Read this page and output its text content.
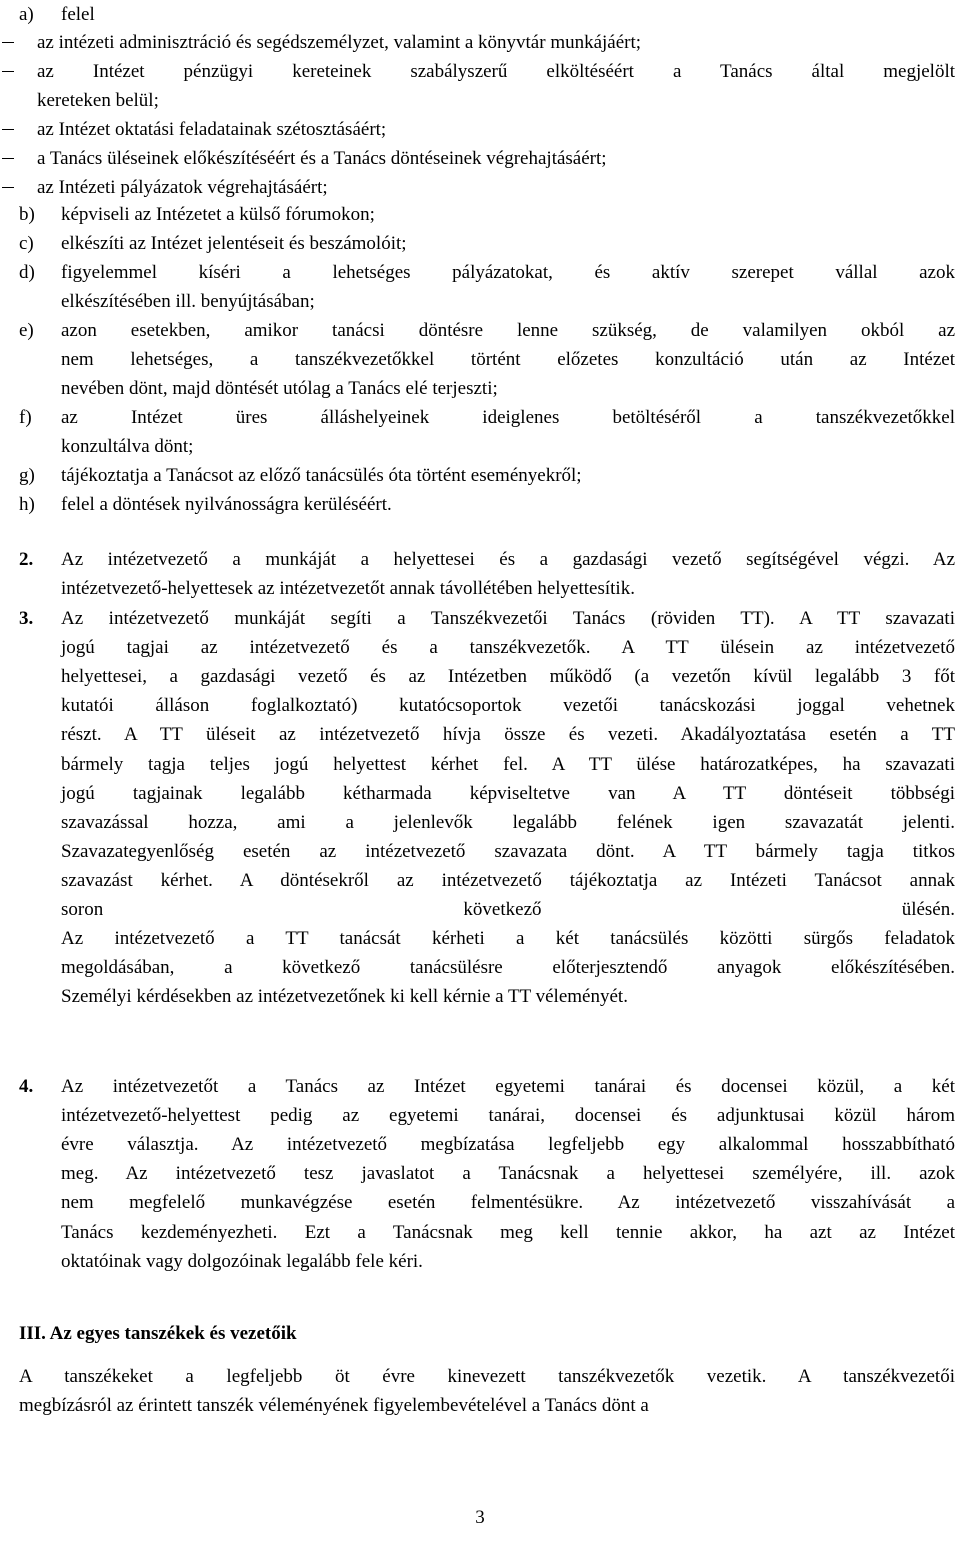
a) felel
az intézeti adminisztráció és segédszemélyzet, valamint a könyvtár munkájáért;
az Intézet pénzügyi kereteinek szabályszerű elköltéséért a Tanács által megjelölt
kereteken belül;
az Intézet oktatási feladatainak szétosztásáért;
a Tanács üléseinek előkészítéséért és a Tanács döntéseinek végrehajtásáért;
az Intézeti pályázatok végrehajtásáért;
b) képviseli az Intézetet a külső fórumokon;
c) elkészíti az Intézet jelentéseit és beszámolóit;
d) figyelemmel kíséri a lehetséges pályázatokat, és aktív szerepet vállal azok
elkészítésében ill. benyújtásában;
e) azon esetekben, amikor tanácsi döntésre lenne szükség, de valamilyen okból az
nem lehetséges, a tanszékvezetőkkel történt előzetes konzultáció után az Intézet
nevében dönt, majd döntését utólag a Tanács elé terjeszti;
f) az Intézet üres álláshelyeinek ideiglenes betöltéséről a tanszékvezetőkkel
konzultálva dönt;
g) tájékoztatja a Tanácsot az előző tanácsülés óta történt eseményekről;
h) felel a döntések nyilvánosságra kerüléséért.
2. Az intézetvezető a munkáját a helyettesei és a gazdasági vezető segítségével végzi. Az
intézetvezető-helyettesek az intézetvezetőt annak távollétében helyettesítik.
3. Az intézetvezető munkáját segíti a Tanszékvezetői Tanács (röviden TT). A TT szavazati
jogú tagjai az intézetvezető és a tanszékvezetők. A TT ülésein az intézetvezető
helyettesei, a gazdasági vezető és az Intézetben működő (a vezetőn kívül legalább 3 főt
kutatói álláson foglalkoztató) kutatócsoportok vezetői tanácskozási joggal vehetnek
részt. A TT üléseit az intézetvezető hívja össze és vezeti. Akadályoztatása esetén a TT
bármely tagja teljes jogú helyettest kérhet fel. A TT ülése határozatképes, ha szavazati
jogú tagjainak legalább kétharmada képviseltetve van A TT döntéseit többségi
szavazással hozza, ami a jelenlevők legalább felének igen szavazatát jelenti.
Szavazategyenlőség esetén az intézetvezető szavazata dönt. A TT bármely tagja titkos
szavazást kérhet. A döntésekről az intézetvezető tájékoztatja az Intézeti Tanácsot annak
soron következő ülésén.
Az intézetvezető a TT tanácsát kérheti a két tanácsülés közötti sürgős feladatok
megoldásában, a következő tanácsülésre előterjesztendő anyagok előkészítésében.
Személyi kérdésekben az intézetvezetőnek ki kell kérnie a TT véleményét.
4. Az intézetvezetőt a Tanács az Intézet egyetemi tanárai és docensei közül, a két
intézetvezető-helyettest pedig az egyetemi tanárai, docensei és adjunktusai közül három
évre választja. Az intézetvezető megbízatása legfeljebb egy alkalommal hosszabbítható
meg. Az intézetvezető tesz javaslatot a Tanácsnak a helyettesei személyére, ill. azok
nem megfelelő munkavégzése esetén felmentésükre. Az intézetvezető visszahívását a
Tanács kezdeményezheti. Ezt a Tanácsnak meg kell tennie akkor, ha azt az Intézet
oktatóinak vagy dolgozóinak legalább fele kéri.
III. Az egyes tanszékek és vezetőik
A tanszékeket a legfeljebb öt évre kinevezett tanszékvezetők vezetik. A tanszékvezetői
megbízásról az érintett tanszék véleményének figyelembevételével a Tanács dönt a
3
